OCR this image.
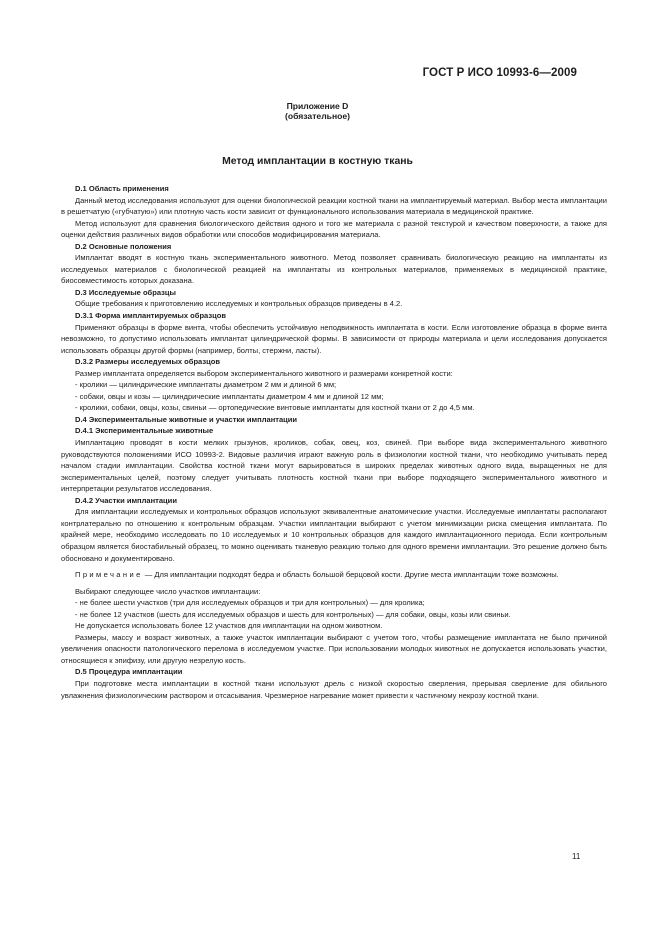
ГОСТ Р ИСО 10993-6—2009
Приложение D
(обязательное)
Метод имплантации в костную ткань

D.1 Область применения

Данный метод исследования используют для оценки биологической реакции костной ткани на имплантируемый материал. Выбор места имплантации в решетчатую («губчатую») или плотную часть кости зависит от функционального использования материала в медицинской практике.

Метод используют для сравнения биологического действия одного и того же материала с разной текстурой и качеством поверхности, а также для оценки действия различных видов обработки или способов модифицирования материала.

D.2 Основные положения

Имплантат вводят в костную ткань экспериментального животного. Метод позволяет сравнивать биологическую реакцию на имплантаты из исследуемых материалов с биологической реакцией на имплантаты из контрольных материалов, применяемых в медицинской практике, биосовместимость которых доказана.

D.3 Исследуемые образцы

Общие требования к приготовлению исследуемых и контрольных образцов приведены в 4.2.

D.3.1 Форма имплантируемых образцов

Применяют образцы в форме винта, чтобы обеспечить устойчивую неподвижность имплантата в кости. Если изготовление образца в форме винта невозможно, то допустимо использовать имплантат цилиндрической формы. В зависимости от природы материала и цели исследования допускается использовать образцы другой формы (например, болты, стержни, ласты).

D.3.2 Размеры исследуемых образцов

Размер имплантата определяется выбором экспериментального животного и размерами конкретной кости:

- кролики — цилиндрические имплантаты диаметром 2 мм и длиной 6 мм;

- собаки, овцы и козы — цилиндрические имплантаты диаметром 4 мм и длиной 12 мм;

- кролики, собаки, овцы, козы, свиньи — ортопедические винтовые имплантаты для костной ткани от 2 до 4,5 мм.

D.4 Экспериментальные животные и участки имплантации

D.4.1 Экспериментальные животные

Имплантацию проводят в кости мелких грызунов, кроликов, собак, овец, коз, свиней. При выборе вида экспериментального животного руководствуются положениями ИСО 10993-2. Видовые различия играют важную роль в физиологии костной ткани, что необходимо учитывать перед началом стадии имплантации. Свойства костной ткани могут варьироваться в широких пределах животных одного вида, выращенных не для экспериментальных целей, поэтому следует учитывать плотность костной ткани при выборе подходящего экспериментального животного и интерпретации результатов исследования.

D.4.2 Участки имплантации

Для имплантации исследуемых и контрольных образцов используют эквивалентные анатомические участки. Исследуемые имплантаты располагают контрлатерально по отношению к контрольным образцам. Участки имплантации выбирают с учетом минимизации риска смещения имплантата. По крайней мере, необходимо исследовать по 10 исследуемых и 10 контрольных образцов для каждого имплантационного периода. Если контрольным образцом является биостабильный образец, то можно оценивать тканевую реакцию только для одного времени имплантации. Это решение должно быть обосновано и документировано.

Примечание — Для имплантации подходят бедра и область большой берцовой кости. Другие места имплантации тоже возможны.

Выбирают следующее число участков имплантации:

- не более шести участков (три для исследуемых образцов и три для контрольных) — для кролика;

- не более 12 участков (шесть для исследуемых образцов и шесть для контрольных) — для собаки, овцы, козы или свиньи.

Не допускается использовать более 12 участков для имплантации на одном животном.

Размеры, массу и возраст животных, а также участок имплантации выбирают с учетом того, чтобы размещение имплантата не было причиной увеличения опасности патологического перелома в исследуемом участке. При использовании молодых животных не допускается использовать участки, относящиеся к эпифизу, или другую незрелую кость.

D.5 Процедура имплантации

При подготовке места имплантации в костной ткани используют дрель с низкой скоростью сверления, прерывая сверление для обильного увлажнения физиологическим раствором и отсасывания. Чрезмерное нагревание может привести к частичному некрозу костной ткани.

11
